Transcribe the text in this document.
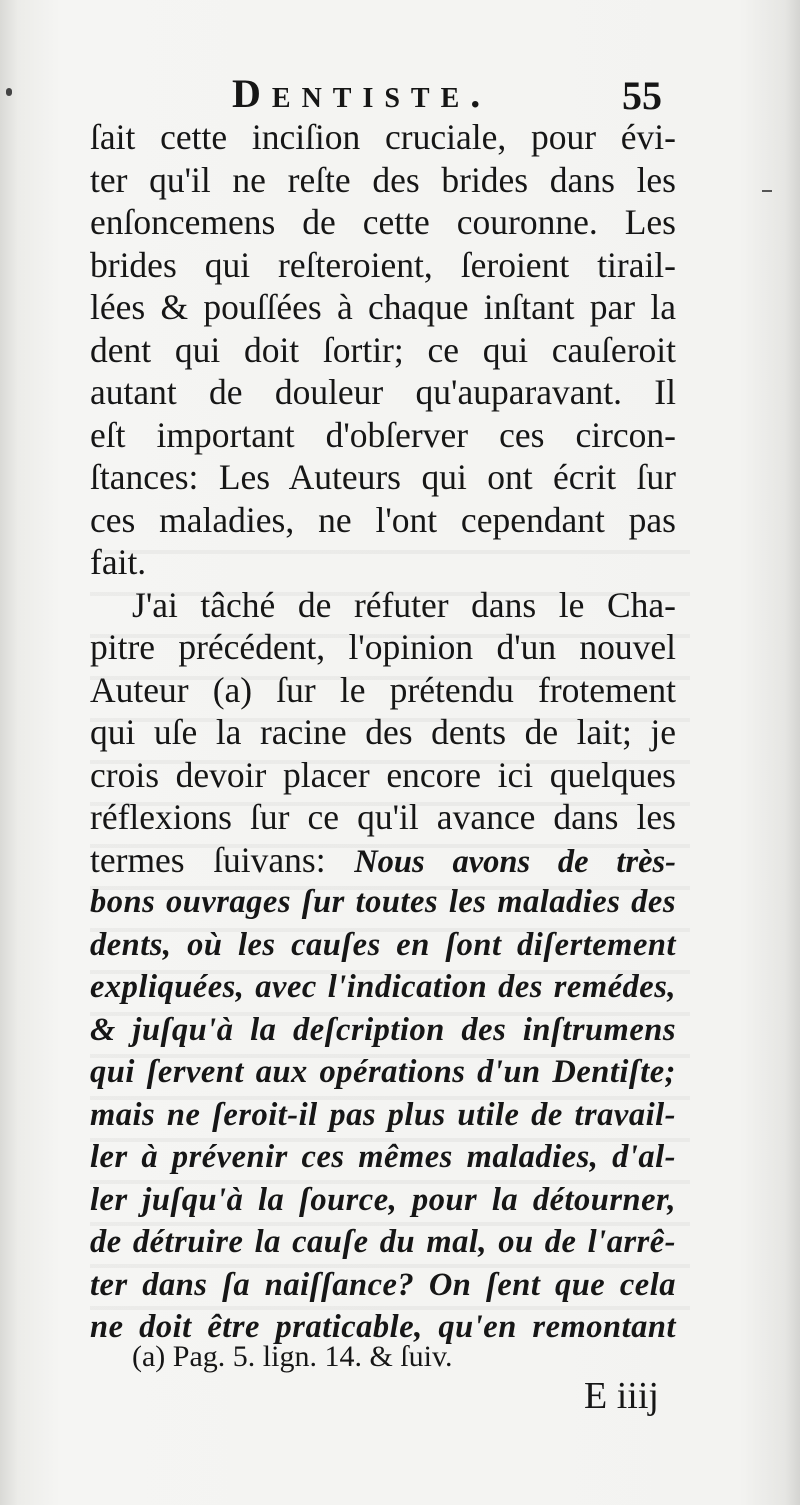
Dentiste.	55
ſait cette inciſion cruciale, pour évi-
ter qu'il ne reſte des brides dans les
enſoncemens de cette couronne. Les
brides qui reſteroient, ſeroient tirail-
lées & pouſſées à chaque inſtant par la
dent qui doit ſortir; ce qui cauſeroit
autant de douleur qu'auparavant. Il
eſt important d'obſerver ces circon-
ſtances: Les Auteurs qui ont écrit ſur
ces maladies, ne l'ont cependant pas
fait.
J'ai tâché de réfuter dans le Cha-
pitre précédent, l'opinion d'un nouvel
Auteur (a) ſur le prétendu frotement
qui uſe la racine des dents de lait; je
crois devoir placer encore ici quelques
réflexions ſur ce qu'il avance dans les
termes ſuivans: Nous avons de très-
bons ouvrages ſur toutes les maladies des
dents, où les cauſes en ſont diſertement
expliquées, avec l'indication des remédes,
& juſqu'à la deſcription des inſtrumens
qui ſervent aux opérations d'un Dentiſte;
mais ne ſeroit-il pas plus utile de travail-
ler à prévenir ces mêmes maladies, d'al-
ler juſqu'à la ſource, pour la détourner,
de détruire la cauſe du mal, ou de l'arrê-
ter dans ſa naiſſance? On ſent que cela
ne doit être praticable, qu'en remontant
(a) Pag. 5. lign. 14. & ſuiv.
E iiij
